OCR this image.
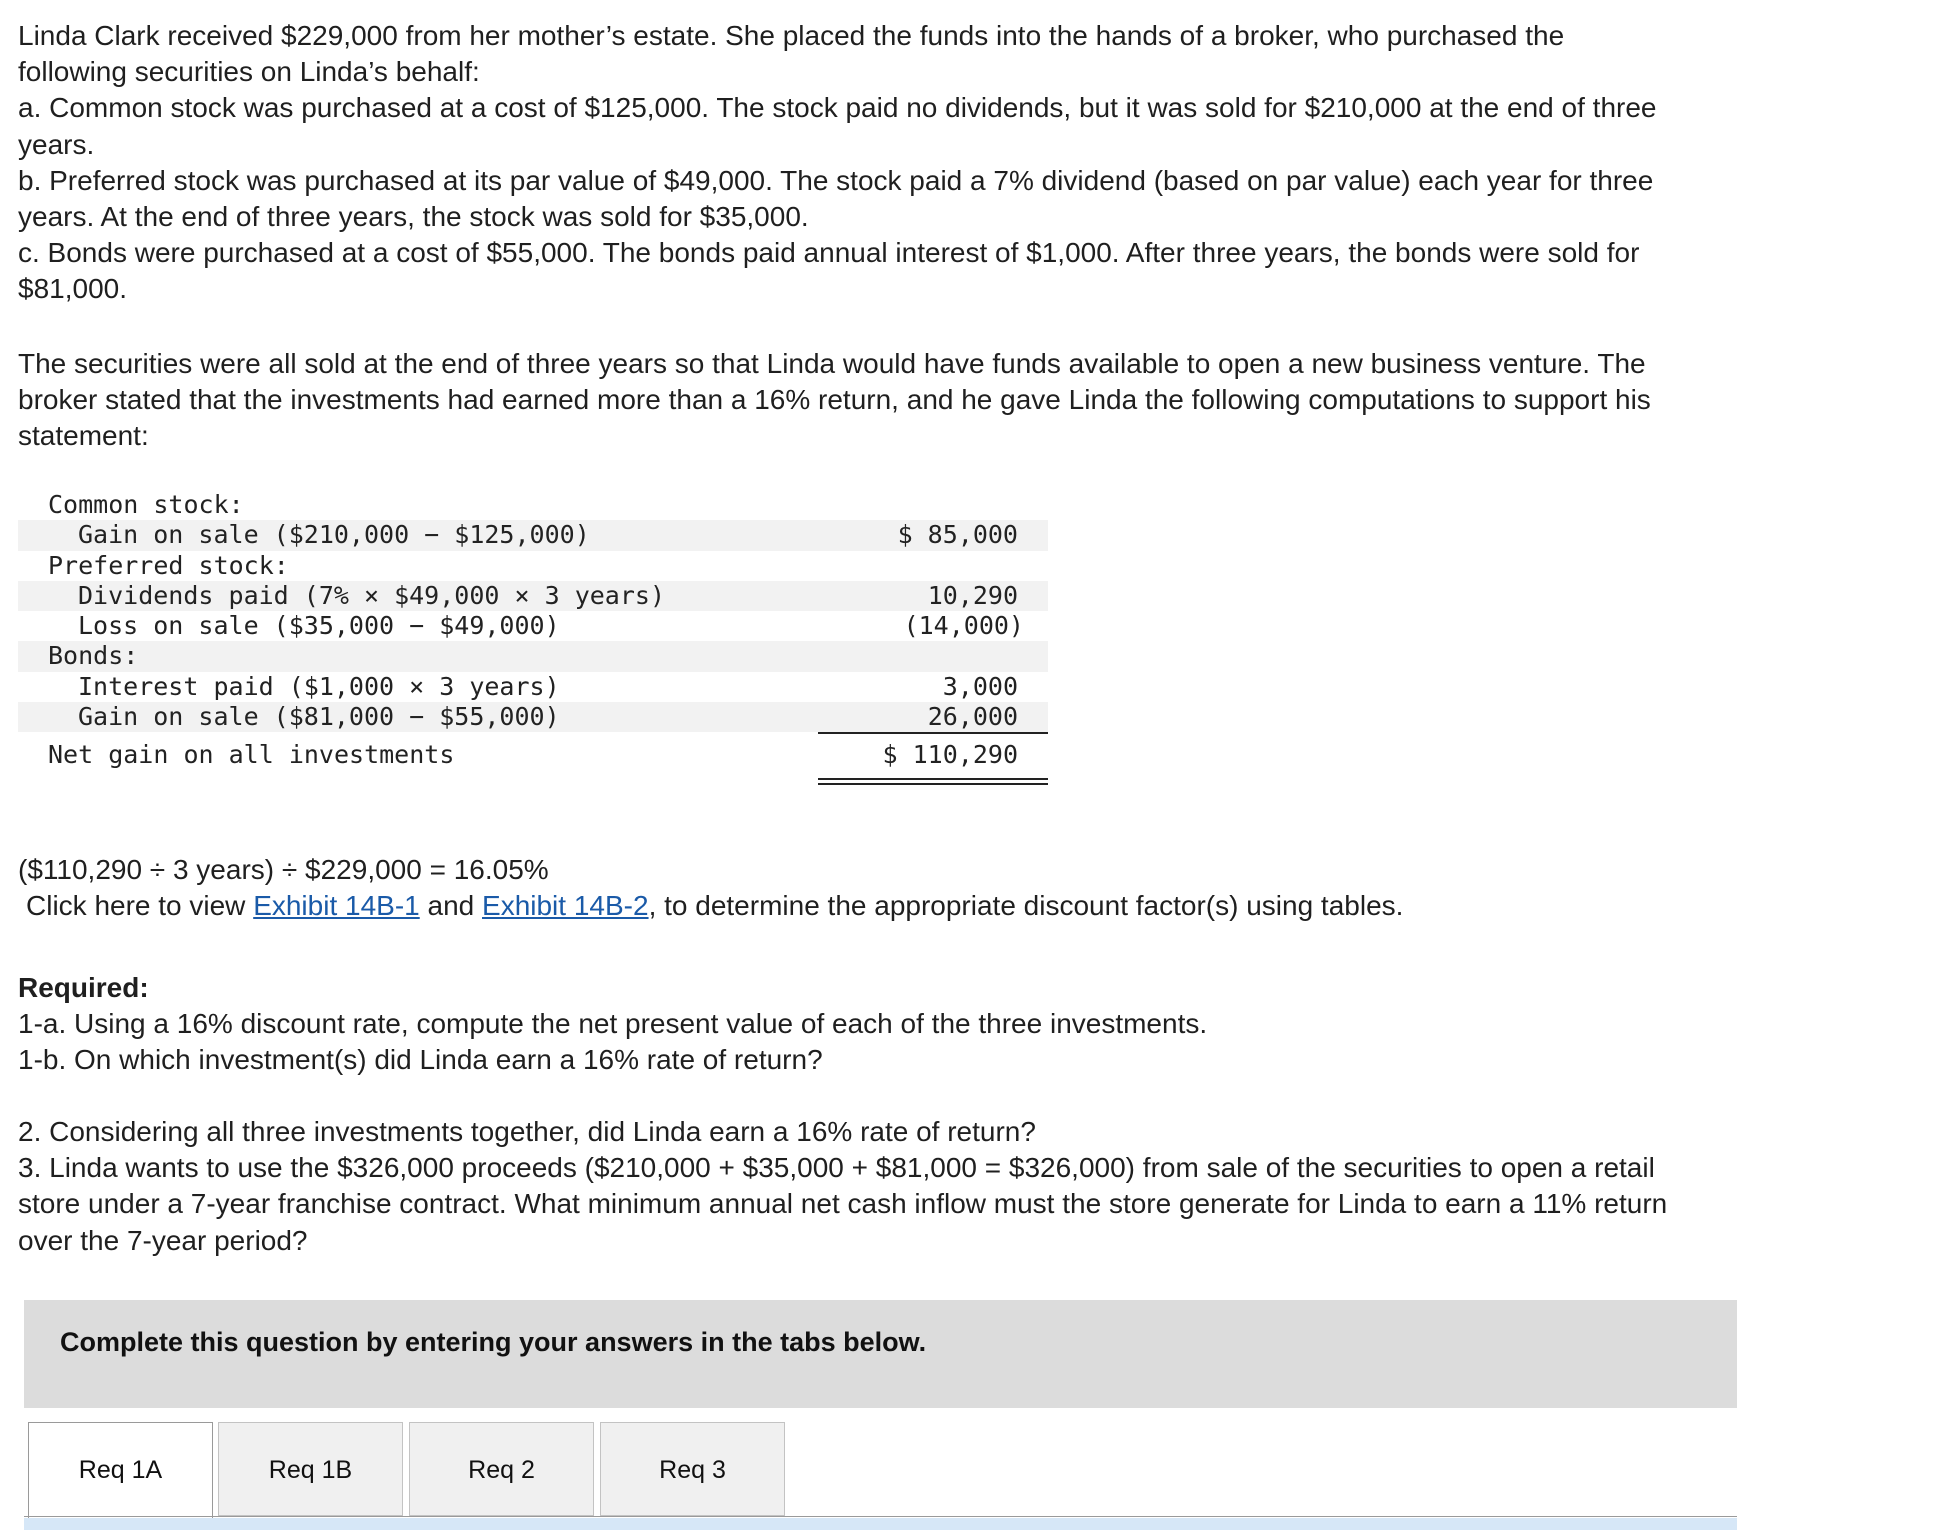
Linda Clark received $229,000 from her mother’s estate. She placed the funds into the hands of a broker, who purchased the
following securities on Linda’s behalf:
a. Common stock was purchased at a cost of $125,000. The stock paid no dividends, but it was sold for $210,000 at the end of three
years.
b. Preferred stock was purchased at its par value of $49,000. The stock paid a 7% dividend (based on par value) each year for three
years. At the end of three years, the stock was sold for $35,000.
c. Bonds were purchased at a cost of $55,000. The bonds paid annual interest of $1,000. After three years, the bonds were sold for
$81,000.
The securities were all sold at the end of three years so that Linda would have funds available to open a new business venture. The
broker stated that the investments had earned more than a 16% return, and he gave Linda the following computations to support his
statement:

Common stock:

Gain on sale ($210,000 − $125,000)

	$ 85,000

Preferred stock:

Dividends paid (7% × $49,000 × 3 years)

	10,290

Loss on sale ($35,000 − $49,000)

	(14,000)

Bonds:

Interest paid ($1,000 × 3 years)

	3,000

Gain on sale ($81,000 − $55,000)

	26,000

Net gain on all investments

	$ 110,290

($110,290 ÷ 3 years) ÷ $229,000 = 16.05%
Click here to view Exhibit 14B-1 and Exhibit 14B-2, to determine the appropriate discount factor(s) using tables.
Required:
1-a. Using a 16% discount rate, compute the net present value of each of the three investments.
1-b. On which investment(s) did Linda earn a 16% rate of return?
2. Considering all three investments together, did Linda earn a 16% rate of return?
3. Linda wants to use the $326,000 proceeds ($210,000 + $35,000 + $81,000 = $326,000) from sale of the securities to open a retail
store under a 7-year franchise contract. What minimum annual net cash inflow must the store generate for Linda to earn a 11% return
over the 7-year period?
Complete this question by entering your answers in the tabs below.
Req 1A	Req 1B	Req 2	Req 3
